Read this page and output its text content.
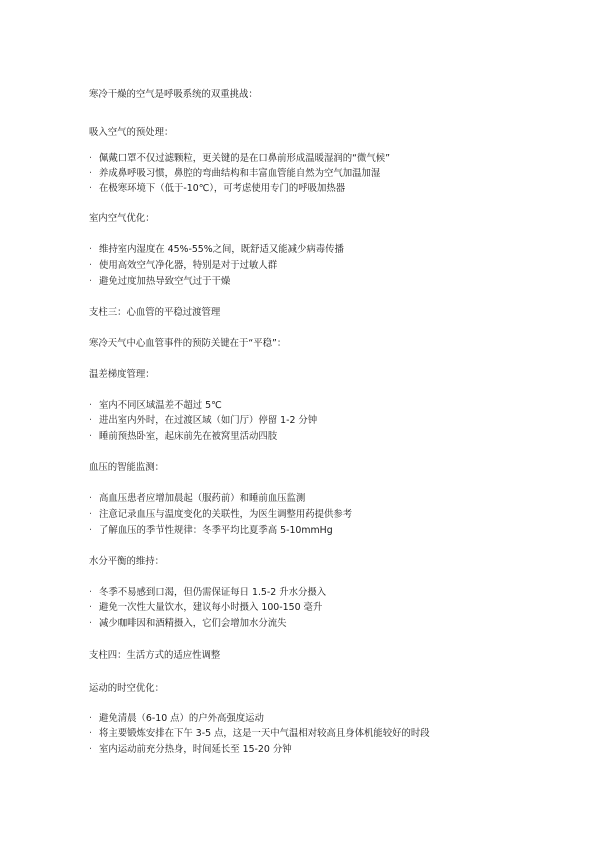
寒冷干燥的空气是呼吸系统的双重挑战：
吸入空气的预处理：
· 佩戴口罩不仅过滤颗粒，更关键的是在口鼻前形成温暖湿润的“微气候”
· 养成鼻呼吸习惯，鼻腔的弯曲结构和丰富血管能自然为空气加温加湿
· 在极寒环境下（低于-10℃），可考虑使用专门的呼吸加热器
室内空气优化：
· 维持室内湿度在 45%-55%之间，既舒适又能减少病毒传播
· 使用高效空气净化器，特别是对于过敏人群
· 避免过度加热导致空气过于干燥
支柱三：心血管的平稳过渡管理
寒冷天气中心血管事件的预防关键在于“平稳”：
温差梯度管理：
· 室内不同区域温差不超过 5℃
· 进出室内外时，在过渡区域（如门厅）停留 1-2 分钟
· 睡前预热卧室，起床前先在被窝里活动四肢
血压的智能监测：
· 高血压患者应增加晨起（服药前）和睡前血压监测
· 注意记录血压与温度变化的关联性，为医生调整用药提供参考
· 了解血压的季节性规律：冬季平均比夏季高 5-10mmHg
水分平衡的维持：
· 冬季不易感到口渴，但仍需保证每日 1.5-2 升水分摄入
· 避免一次性大量饮水，建议每小时摄入 100-150 毫升
· 减少咖啡因和酒精摄入，它们会增加水分流失
支柱四：生活方式的适应性调整
运动的时空优化：
· 避免清晨（6-10 点）的户外高强度运动
· 将主要锻炼安排在下午 3-5 点，这是一天中气温相对较高且身体机能较好的时段
· 室内运动前充分热身，时间延长至 15-20 分钟
